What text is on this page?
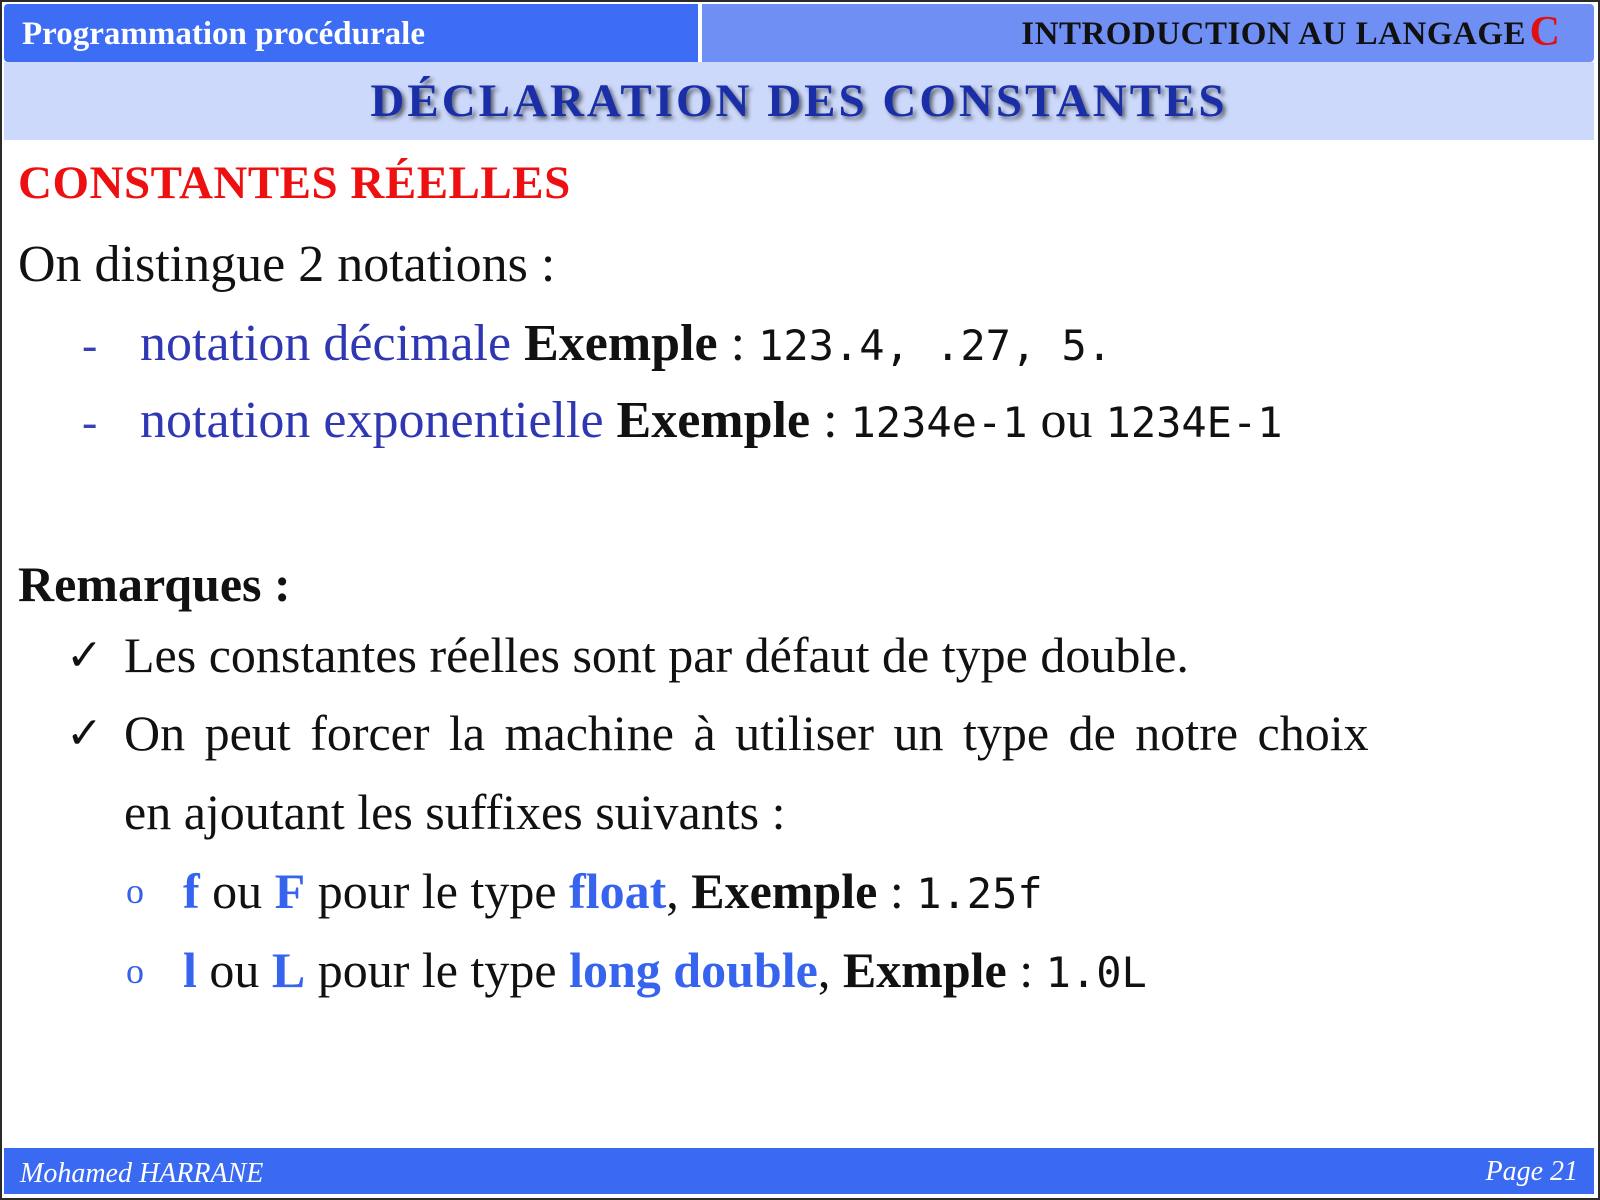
Programmation procédurale	INTRODUCTION AU LANGAGE C
DÉCLARATION DES CONSTANTES
CONSTANTES RÉELLES
On distingue 2 notations :
- notation décimale Exemple : 123.4, .27, 5.
- notation exponentielle Exemple : 1234e-1 ou 1234E-1
Remarques :
✓ Les constantes réelles sont par défaut de type double.
✓ On peut forcer la machine à utiliser un type de notre choix
en ajoutant les suffixes suivants :
o f ou F pour le type float, Exemple : 1.25f
o l ou L pour le type long double, Exmple : 1.0L
Mohamed HARRANE	Page 21
